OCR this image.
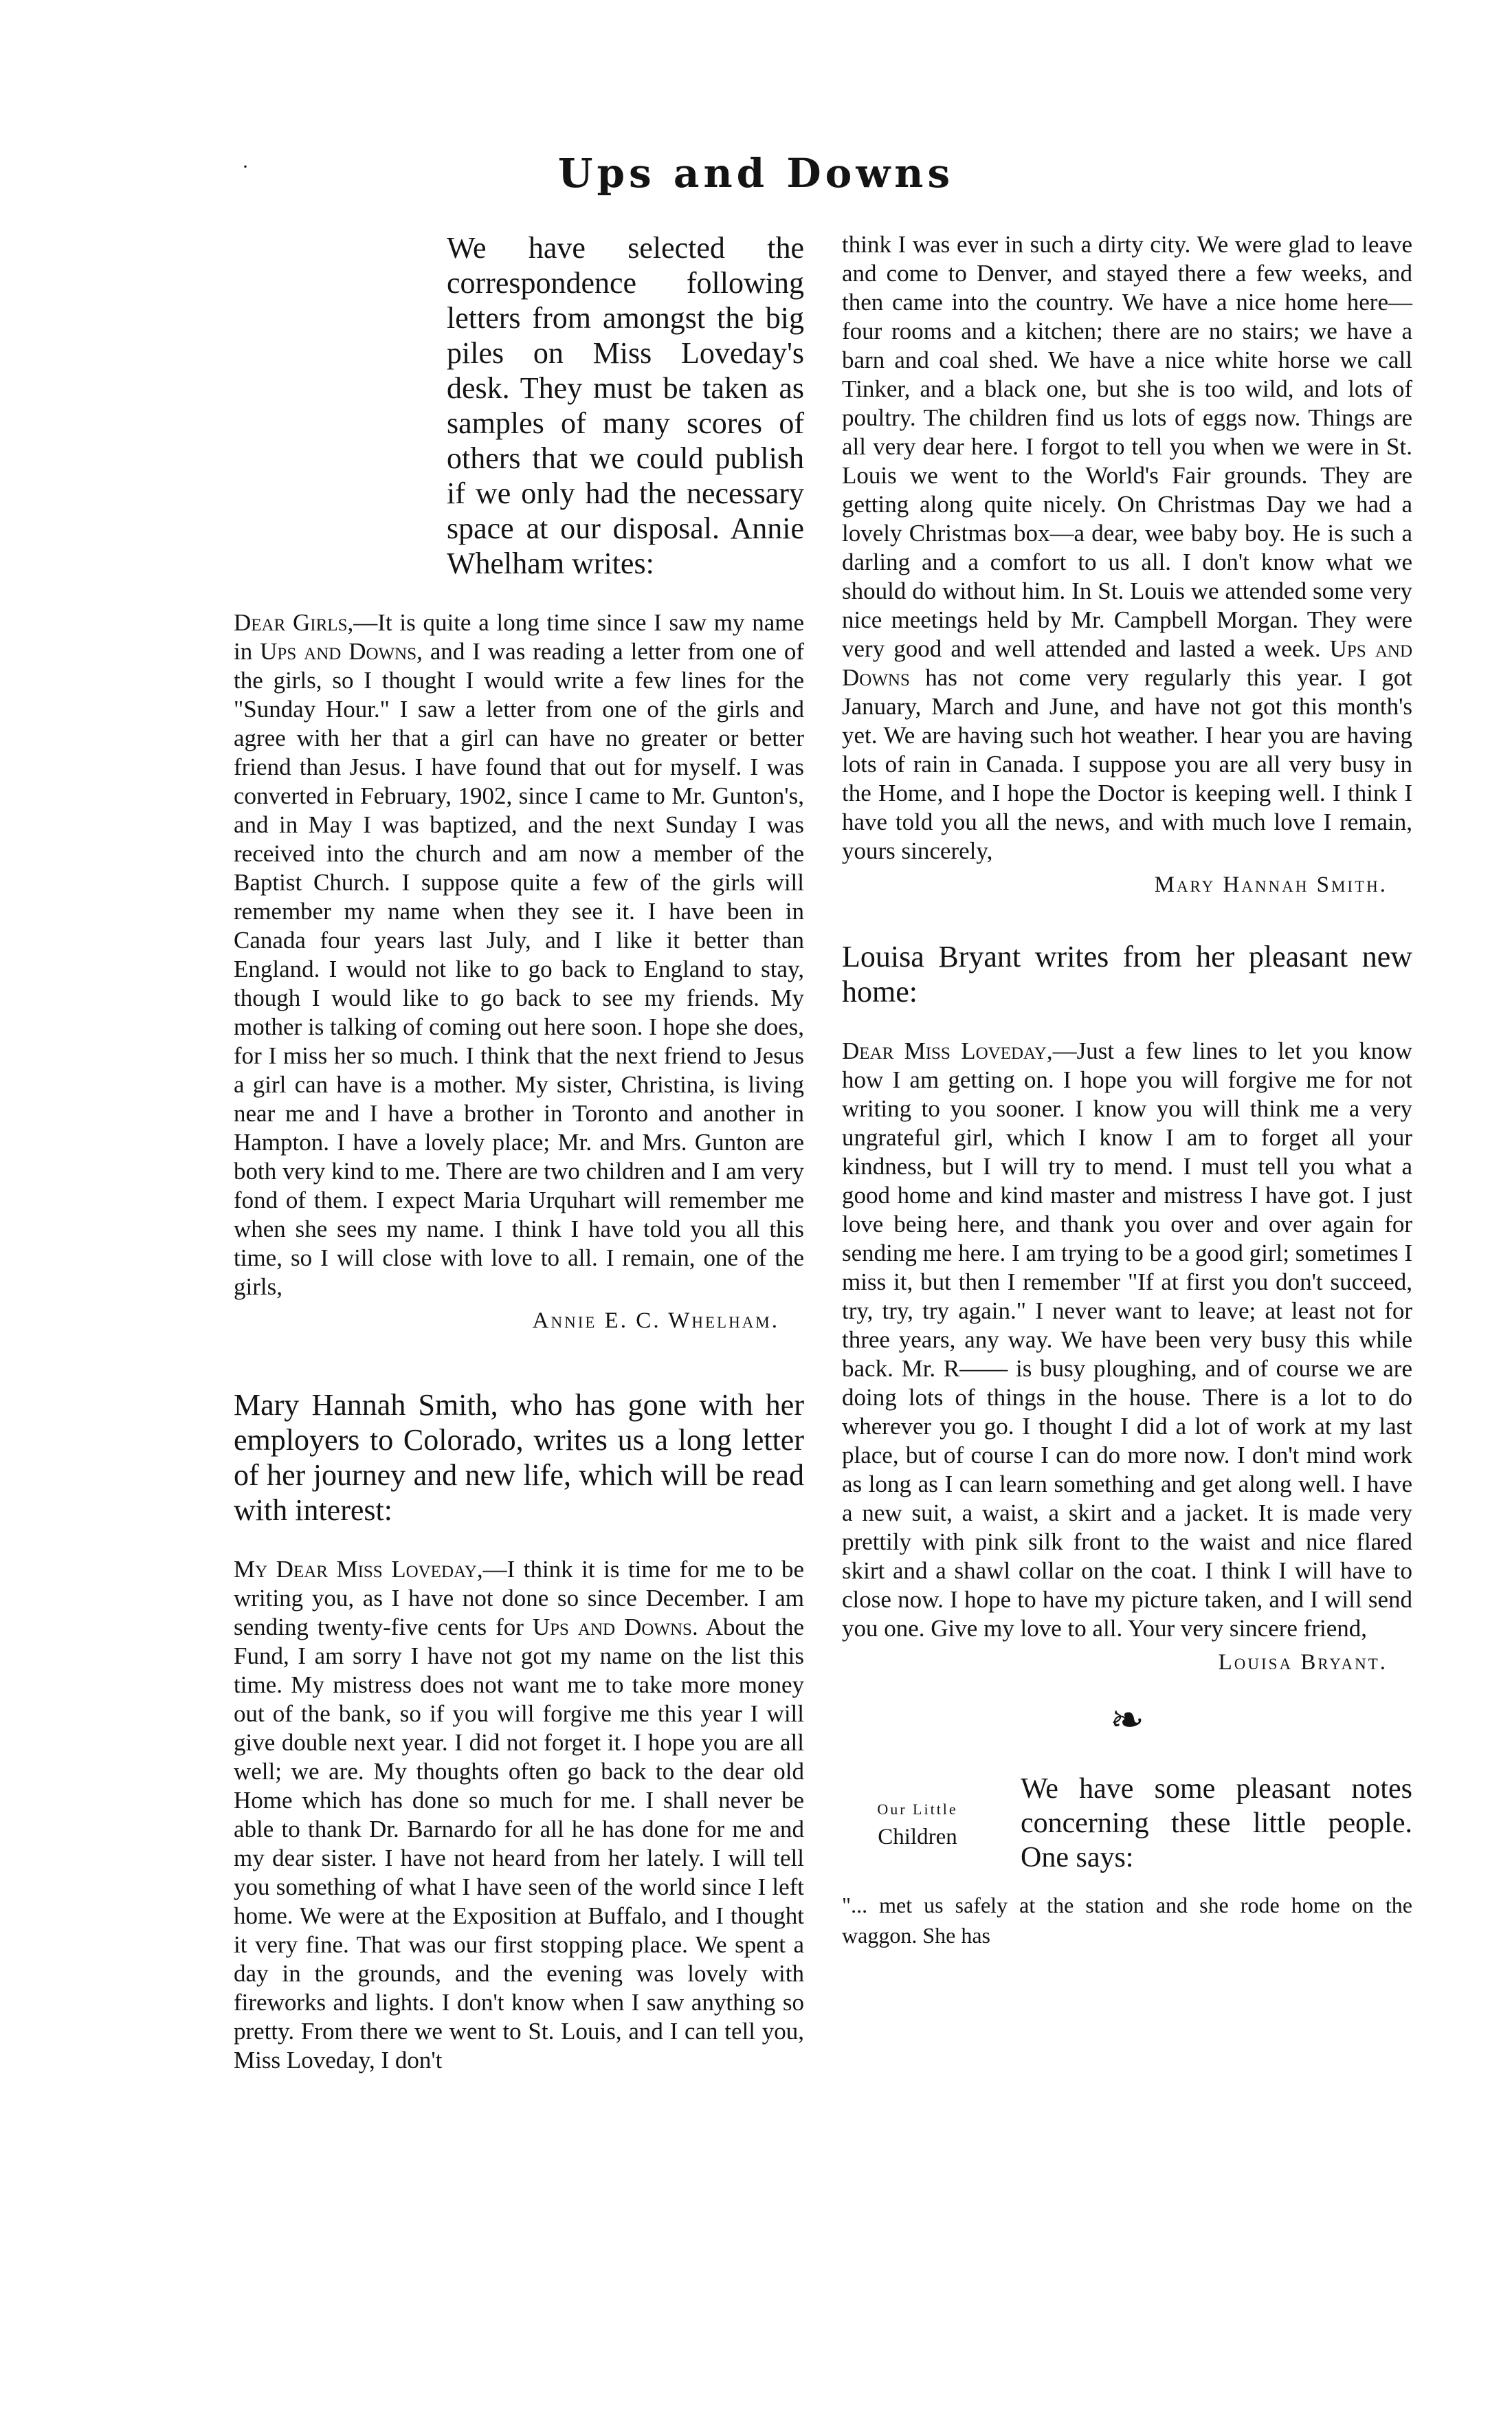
·	Ups and Downs

We have selected the correspondence following letters from amongst the big piles on Miss Loveday's desk. They must be taken as samples of many scores of others that we could publish if we only had the necessary space at our disposal. Annie Whelham writes:

Dear Girls,—It is quite a long time since I saw my name in Ups and Downs, and I was reading a letter from one of the girls, so I thought I would write a few lines for the "Sunday Hour." I saw a letter from one of the girls and agree with her that a girl can have no greater or better friend than Jesus. I have found that out for myself. I was converted in February, 1902, since I came to Mr. Gunton's, and in May I was baptized, and the next Sunday I was received into the church and am now a member of the Baptist Church. I suppose quite a few of the girls will remember my name when they see it. I have been in Canada four years last July, and I like it better than England. I would not like to go back to England to stay, though I would like to go back to see my friends. My mother is talking of coming out here soon. I hope she does, for I miss her so much. I think that the next friend to Jesus a girl can have is a mother. My sister, Christina, is living near me and I have a brother in Toronto and another in Hampton. I have a lovely place; Mr. and Mrs. Gunton are both very kind to me. There are two children and I am very fond of them. I expect Maria Urquhart will remember me when she sees my name. I think I have told you all this time, so I will close with love to all. I remain, one of the girls,

Annie E. C. Whelham.

Mary Hannah Smith, who has gone with her employers to Colorado, writes us a long letter of her journey and new life, which will be read with interest:

My Dear Miss Loveday,—I think it is time for me to be writing you, as I have not done so since December. I am sending twenty-five cents for Ups and Downs. About the Fund, I am sorry I have not got my name on the list this time. My mistress does not want me to take more money out of the bank, so if you will forgive me this year I will give double next year. I did not forget it. I hope you are all well; we are. My thoughts often go back to the dear old Home which has done so much for me. I shall never be able to thank Dr. Barnardo for all he has done for me and my dear sister. I have not heard from her lately. I will tell you something of what I have seen of the world since I left home. We were at the Exposition at Buffalo, and I thought it very fine. That was our first stopping place. We spent a day in the grounds, and the evening was lovely with fireworks and lights. I don't know when I saw anything so pretty. From there we went to St. Louis, and I can tell you, Miss Loveday, I don't

think I was ever in such a dirty city. We were glad to leave and come to Denver, and stayed there a few weeks, and then came into the country. We have a nice home here—four rooms and a kitchen; there are no stairs; we have a barn and coal shed. We have a nice white horse we call Tinker, and a black one, but she is too wild, and lots of poultry. The children find us lots of eggs now. Things are all very dear here. I forgot to tell you when we were in St. Louis we went to the World's Fair grounds. They are getting along quite nicely. On Christmas Day we had a lovely Christmas box—a dear, wee baby boy. He is such a darling and a comfort to us all. I don't know what we should do without him. In St. Louis we attended some very nice meetings held by Mr. Campbell Morgan. They were very good and well attended and lasted a week. Ups and Downs has not come very regularly this year. I got January, March and June, and have not got this month's yet. We are having such hot weather. I hear you are having lots of rain in Canada. I suppose you are all very busy in the Home, and I hope the Doctor is keeping well. I think I have told you all the news, and with much love I remain, yours sincerely,

Mary Hannah Smith.

Louisa Bryant writes from her pleasant new home:

Dear Miss Loveday,—Just a few lines to let you know how I am getting on. I hope you will forgive me for not writing to you sooner. I know you will think me a very ungrateful girl, which I know I am to forget all your kindness, but I will try to mend. I must tell you what a good home and kind master and mistress I have got. I just love being here, and thank you over and over again for sending me here. I am trying to be a good girl; sometimes I miss it, but then I remember "If at first you don't succeed, try, try, try again." I never want to leave; at least not for three years, any way. We have been very busy this while back. Mr. R—— is busy ploughing, and of course we are doing lots of things in the house. There is a lot to do wherever you go. I thought I did a lot of work at my last place, but of course I can do more now. I don't mind work as long as I can learn something and get along well. I have a new suit, a waist, a skirt and a jacket. It is made very prettily with pink silk front to the waist and nice flared skirt and a shawl collar on the coat. I think I will have to close now. I hope to have my picture taken, and I will send you one. Give my love to all. Your very sincere friend,

Louisa Bryant.

❧
Our Little
Children

We have some pleasant notes concerning these little people. One says:

"... met us safely at the station and she rode home on the waggon. She has
